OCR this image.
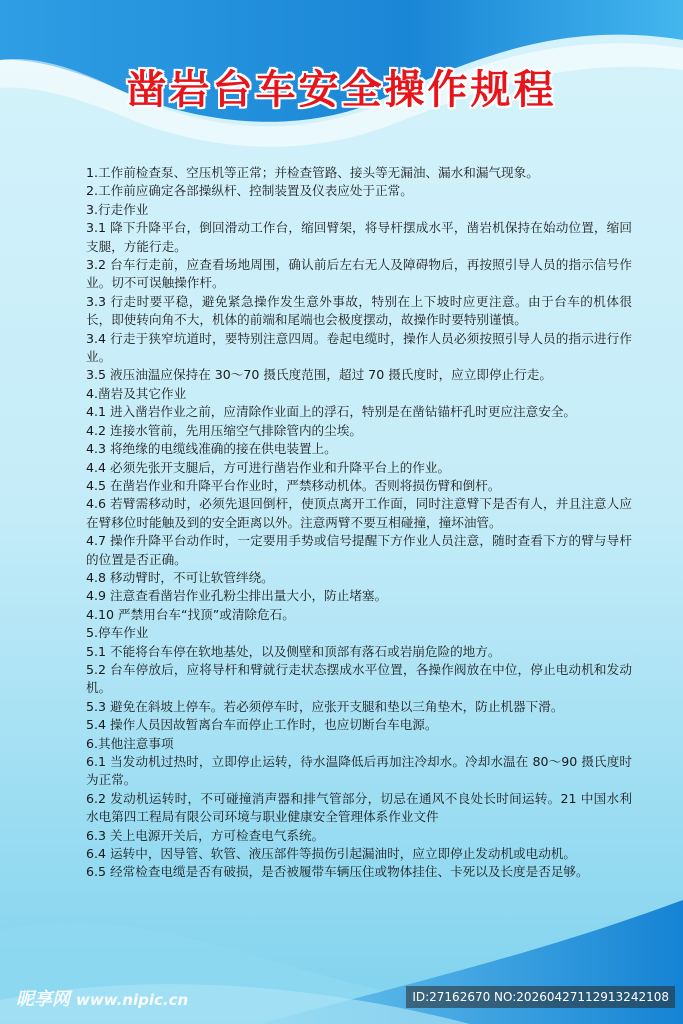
凿岩台车安全操作规程

1.工作前检查泵、空压机等正常；并检查管路、接头等无漏油、漏水和漏气现象。

2.工作前应确定各部操纵杆、控制装置及仪表应处于正常。

3.行走作业

3.1 降下升降平台，倒回滑动工作台，缩回臂架，将导杆摆成水平，凿岩机保持在始动位置，缩回支腿，方能行走。

3.2 台车行走前，应查看场地周围，确认前后左右无人及障碍物后，再按照引导人员的指示信号作业。切不可误触操作杆。

3.3 行走时要平稳，避免紧急操作发生意外事故，特别在上下坡时应更注意。由于台车的机体很长，即使转向角不大，机体的前端和尾端也会极度摆动，故操作时要特别谨慎。

3.4 行走于狭窄坑道时，要特别注意四周。卷起电缆时，操作人员必须按照引导人员的指示进行作业。

3.5 液压油温应保持在 30～70 摄氏度范围，超过 70 摄氏度时，应立即停止行走。

4.凿岩及其它作业

4.1 进入凿岩作业之前，应清除作业面上的浮石，特别是在凿钻锚杆孔时更应注意安全。

4.2 连接水管前，先用压缩空气排除管内的尘埃。

4.3 将绝缘的电缆线准确的接在供电装置上。

4.4 必须先张开支腿后，方可进行凿岩作业和升降平台上的作业。

4.5 在凿岩作业和升降平台作业时，严禁移动机体。否则将损伤臂和倒杆。

4.6 若臂需移动时，必须先退回倒杆，使顶点离开工作面，同时注意臂下是否有人，并且注意人应在臂移位时能触及到的安全距离以外。注意两臂不要互相碰撞，撞坏油管。

4.7 操作升降平台动作时，一定要用手势或信号提醒下方作业人员注意，随时查看下方的臂与导杆的位置是否正确。

4.8 移动臂时，不可让软管绊绕。

4.9 注意查看凿岩作业孔粉尘排出量大小，防止堵塞。

4.10 严禁用台车“找顶”或清除危石。

5.停车作业

5.1 不能将台车停在软地基处，以及侧壁和顶部有落石或岩崩危险的地方。

5.2 台车停放后，应将导杆和臂就行走状态摆成水平位置，各操作阀放在中位，停止电动机和发动机。

5.3 避免在斜坡上停车。若必须停车时，应张开支腿和垫以三角垫木，防止机器下滑。

5.4 操作人员因故暂离台车而停止工作时，也应切断台车电源。

6.其他注意事项

6.1 当发动机过热时，立即停止运转，待水温降低后再加注冷却水。冷却水温在 80～90 摄氏度时为正常。

6.2 发动机运转时，不可碰撞消声器和排气管部分，切忌在通风不良处长时间运转。21 中国水利水电第四工程局有限公司环境与职业健康安全管理体系作业文件

6.3 关上电源开关后，方可检查电气系统。

6.4 运转中，因导管、软管、液压部件等损伤引起漏油时，应立即停止发动机或电动机。

6.5 经常检查电缆是否有破损，是否被履带车辆压住或物体挂住、卡死以及长度是否足够。

昵享网 www.nipic.cn	ID:27162670 NO:20260427112913242108
